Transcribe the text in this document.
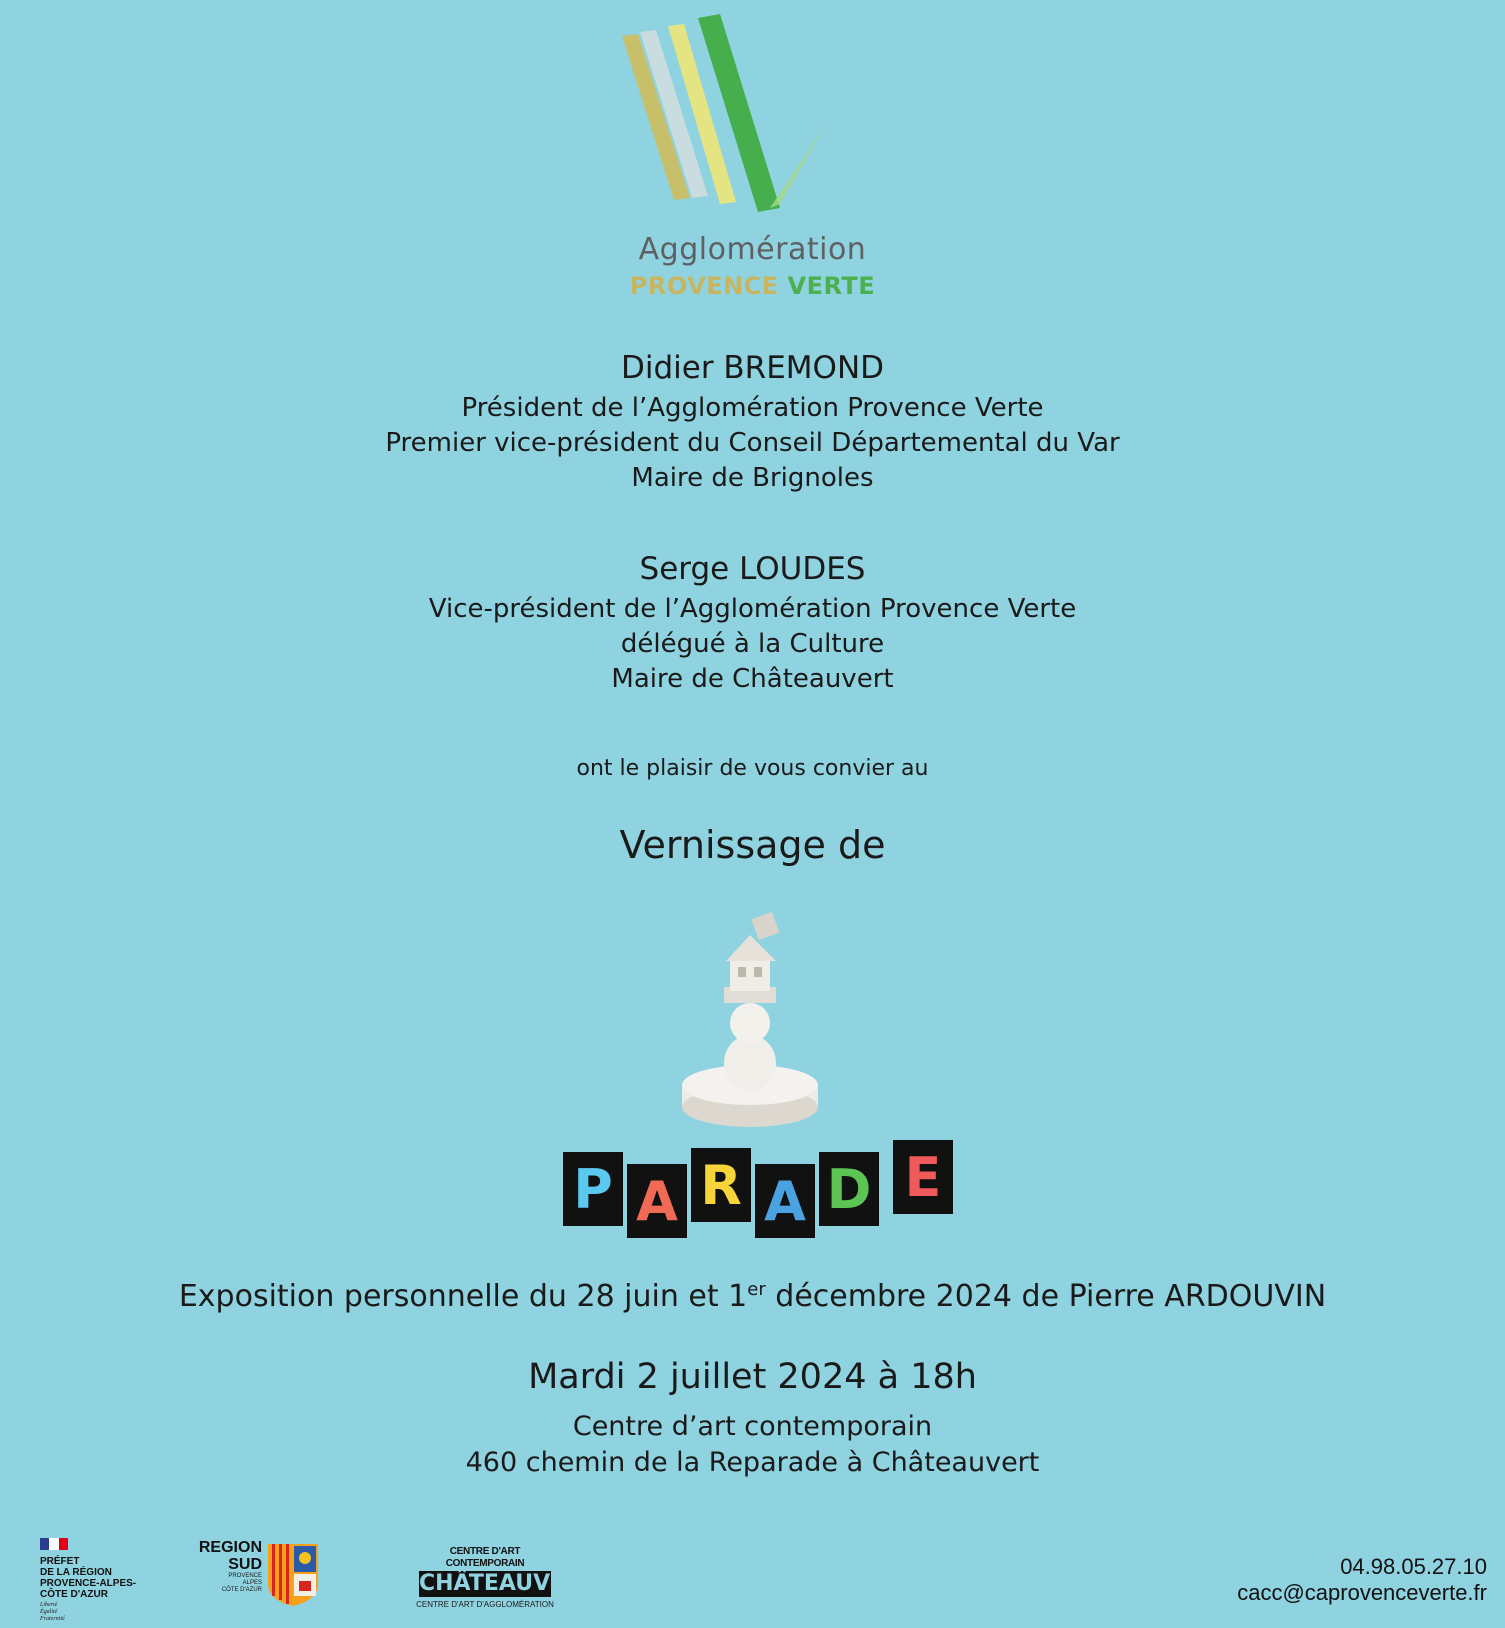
Agglomération
PROVENCE VERTE
Didier BREMOND
Président de l’Agglomération Provence Verte
Premier vice-président du Conseil Départemental du Var
Maire de Brignoles
Serge LOUDES
Vice-président de l’Agglomération Provence Verte
délégué à la Culture
Maire de Châteauvert
ont le plaisir de vous convier au
Vernissage de
P A R A D E
Exposition personnelle du 28 juin et 1er décembre 2024 de Pierre ARDOUVIN
Mardi 2 juillet 2024 à 18h
Centre d’art contemporain
460 chemin de la Reparade à Châteauvert
PRÉFET
DE LA RÉGION
PROVENCE-ALPES-
CÔTE D'AZUR
Liberté
Égalité
Fraternité
REGION
SUD
PROVENCE
ALPES
CÔTE D'AZUR
CENTRE D'ART CONTEMPORAIN
CHÂTEAUVERT
CENTRE D'ART D'AGGLOMÉRATION
04.98.05.27.10
cacc@caprovenceverte.fr
